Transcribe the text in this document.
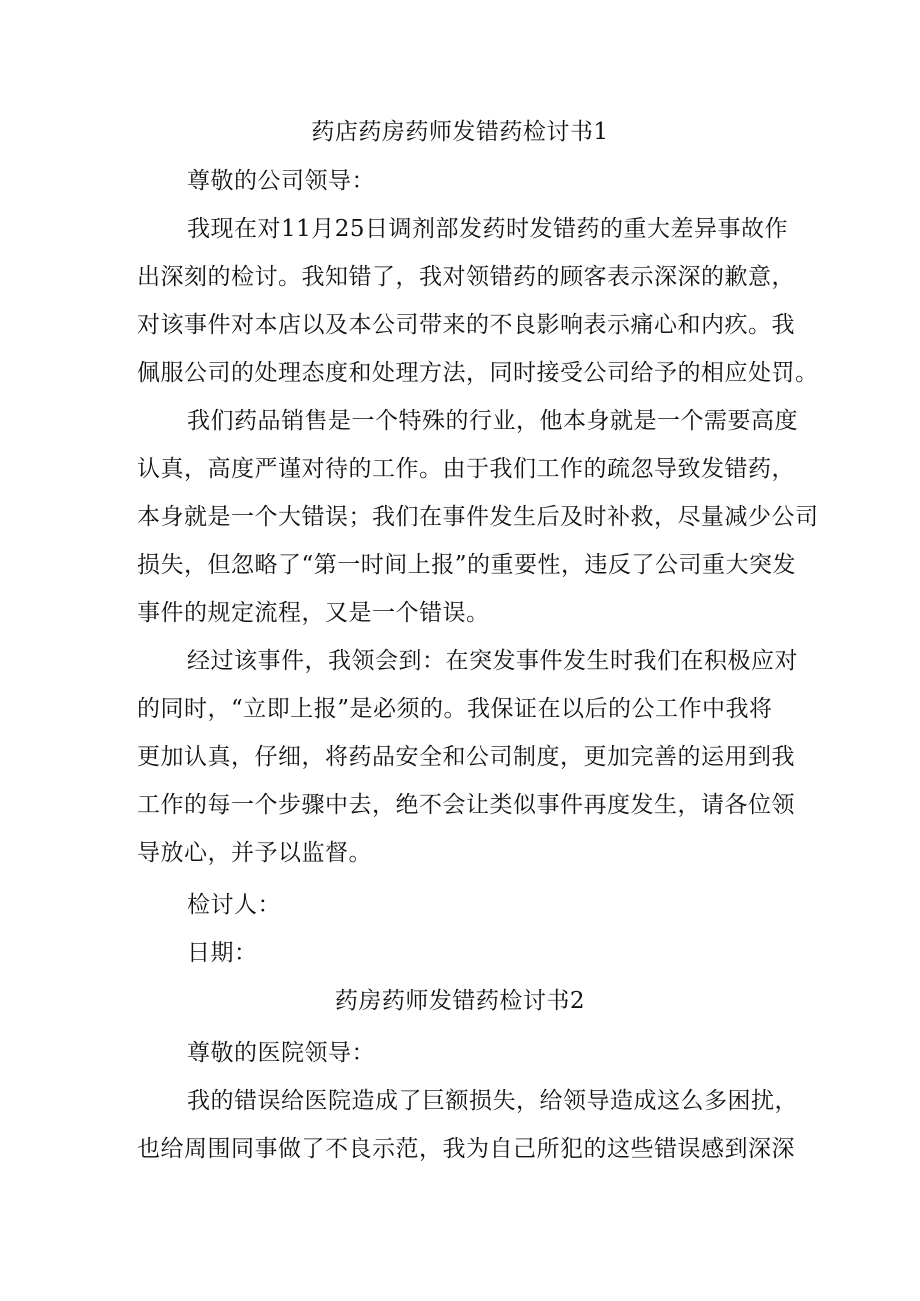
药店药房药师发错药检讨书1
尊敬的公司领导：
我现在对11月25日调剂部发药时发错药的重大差异事故作
出深刻的检讨。我知错了，我对领错药的顾客表示深深的歉意，
对该事件对本店以及本公司带来的不良影响表示痛心和内疚。我
佩服公司的处理态度和处理方法，同时接受公司给予的相应处罚。
我们药品销售是一个特殊的行业，他本身就是一个需要高度
认真，高度严谨对待的工作。由于我们工作的疏忽导致发错药，
本身就是一个大错误；我们在事件发生后及时补救，尽量减少公司
损失，但忽略了“第一时间上报”的重要性，违反了公司重大突发
事件的规定流程，又是一个错误。
经过该事件，我领会到：在突发事件发生时我们在积极应对
的同时，“立即上报”是必须的。我保证在以后的公工作中我将
更加认真，仔细，将药品安全和公司制度，更加完善的运用到我
工作的每一个步骤中去，绝不会让类似事件再度发生，请各位领
导放心，并予以监督。
检讨人：
日期：
药房药师发错药检讨书2
尊敬的医院领导：
我的错误给医院造成了巨额损失，给领导造成这么多困扰，
也给周围同事做了不良示范，我为自己所犯的这些错误感到深深
